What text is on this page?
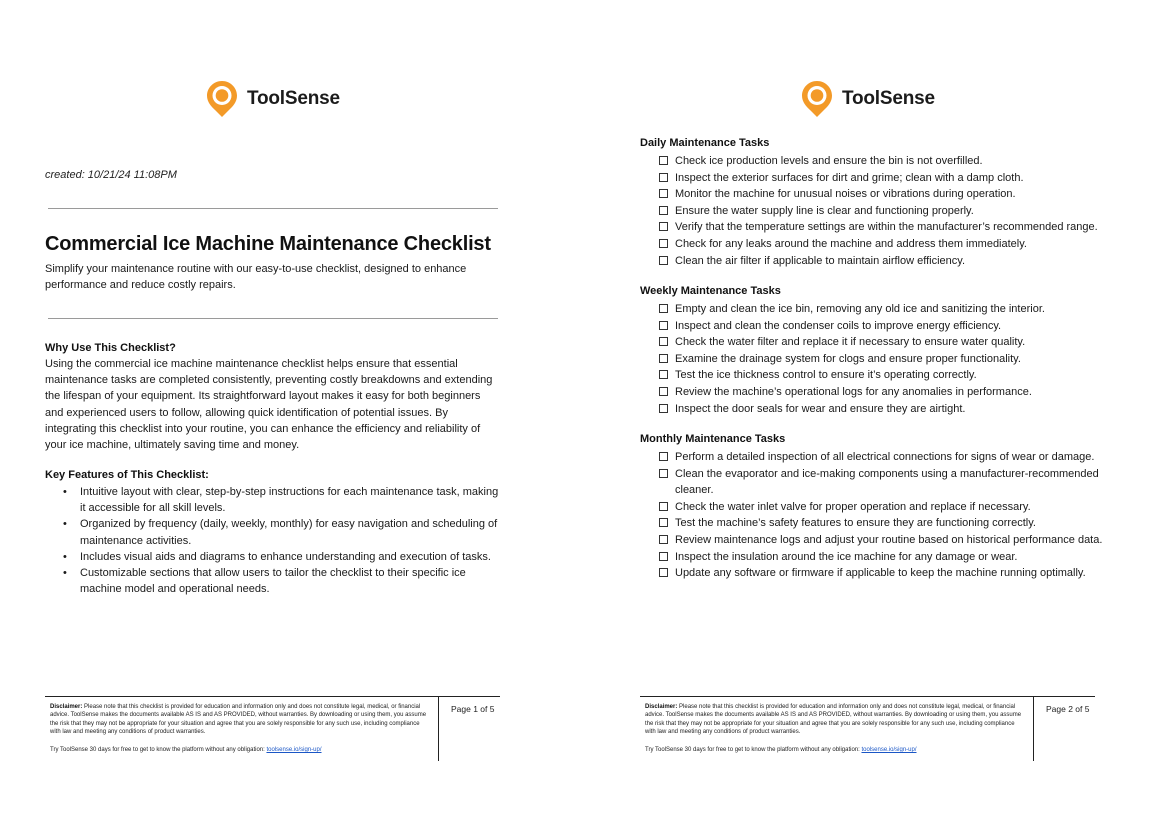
ToolSense
created: 10/21/24 11:08PM
Commercial Ice Machine Maintenance Checklist

Simplify your maintenance routine with our easy-to-use checklist, designed to enhance performance and reduce costly repairs.

Why Use This Checklist?

Using the commercial ice machine maintenance checklist helps ensure that essential maintenance tasks are completed consistently, preventing costly breakdowns and extending the lifespan of your equipment. Its straightforward layout makes it easy for both beginners and experienced users to follow, allowing quick identification of potential issues. By integrating this checklist into your routine, you can enhance the efficiency and reliability of your ice machine, ultimately saving time and money.

Key Features of This Checklist:
• Intuitive layout with clear, step-by-step instructions for each maintenance task, making it accessible for all skill levels.
• Organized by frequency (daily, weekly, monthly) for easy navigation and scheduling of maintenance activities.
• Includes visual aids and diagrams to enhance understanding and execution of tasks.
• Customizable sections that allow users to tailor the checklist to their specific ice machine model and operational needs.
Disclaimer: Please note that this checklist is provided for education and information only and does not constitute legal, medical, or financial advice. ToolSense makes the documents available AS IS and AS PROVIDED, without warranties. By downloading or using them, you assume the risk that they may not be appropriate for your situation and agree that you are solely responsible for any such use, including compliance with law and meeting any conditions of product warranties.
Try ToolSense 30 days for free to get to know the platform without any obligation: toolsense.io/sign-up/
Page 1 of 5
ToolSense
Daily Maintenance Tasks
Check ice production levels and ensure the bin is not overfilled.
Inspect the exterior surfaces for dirt and grime; clean with a damp cloth.
Monitor the machine for unusual noises or vibrations during operation.
Ensure the water supply line is clear and functioning properly.
Verify that the temperature settings are within the manufacturer’s recommended range.
Check for any leaks around the machine and address them immediately.
Clean the air filter if applicable to maintain airflow efficiency.
Weekly Maintenance Tasks
Empty and clean the ice bin, removing any old ice and sanitizing the interior.
Inspect and clean the condenser coils to improve energy efficiency.
Check the water filter and replace it if necessary to ensure water quality.
Examine the drainage system for clogs and ensure proper functionality.
Test the ice thickness control to ensure it’s operating correctly.
Review the machine’s operational logs for any anomalies in performance.
Inspect the door seals for wear and ensure they are airtight.
Monthly Maintenance Tasks
Perform a detailed inspection of all electrical connections for signs of wear or damage.
Clean the evaporator and ice-making components using a manufacturer-recommended cleaner.
Check the water inlet valve for proper operation and replace if necessary.
Test the machine’s safety features to ensure they are functioning correctly.
Review maintenance logs and adjust your routine based on historical performance data.
Inspect the insulation around the ice machine for any damage or wear.
Update any software or firmware if applicable to keep the machine running optimally.
Disclaimer: Please note that this checklist is provided for education and information only and does not constitute legal, medical, or financial advice. ToolSense makes the documents available AS IS and AS PROVIDED, without warranties. By downloading or using them, you assume the risk that they may not be appropriate for your situation and agree that you are solely responsible for any such use, including compliance with law and meeting any conditions of product warranties.
Try ToolSense 30 days for free to get to know the platform without any obligation: toolsense.io/sign-up/
Page 2 of 5
